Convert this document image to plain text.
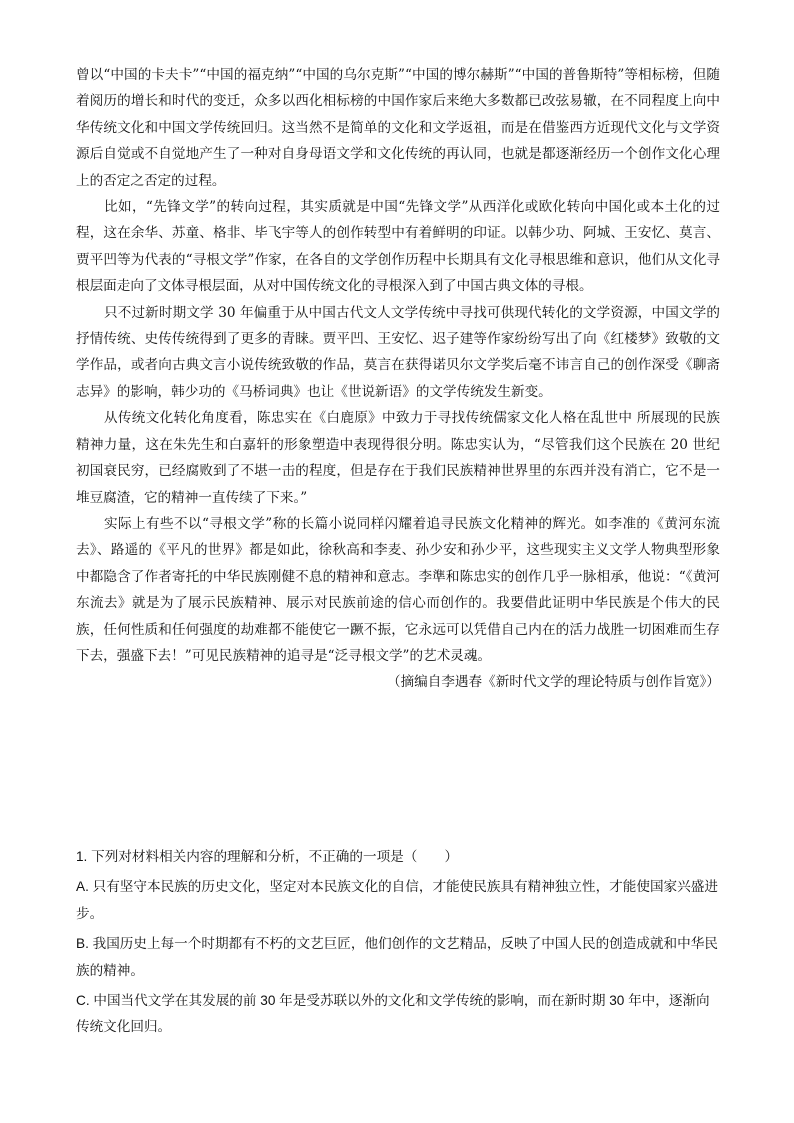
曾以“中国的卡夫卡”“中国的福克纳”“中国的乌尔克斯”“中国的博尔赫斯”“中国的普鲁斯特”等相标榜，但随着阅历的增长和时代的变迁，众多以西化相标榜的中国作家后来绝大多数都已改弦易辙，在不同程度上向中华传统文化和中国文学传统回归。这当然不是简单的文化和文学返祖，而是在借鉴西方近现代文化与文学资源后自觉或不自觉地产生了一种对自身母语文学和文化传统的再认同，也就是都逐渐经历一个创作文化心理上的否定之否定的过程。

比如，“先锋文学”的转向过程，其实质就是中国“先锋文学”从西洋化或欧化转向中国化或本土化的过程，这在余华、苏童、格非、毕飞宇等人的创作转型中有着鲜明的印证。以韩少功、阿城、王安忆、莫言、贾平凹等为代表的“寻根文学”作家，在各自的文学创作历程中长期具有文化寻根思维和意识，他们从文化寻根层面走向了文体寻根层面，从对中国传统文化的寻根深入到了中国古典文体的寻根。

只不过新时期文学 30 年偏重于从中国古代文人文学传统中寻找可供现代转化的文学资源，中国文学的抒情传统、史传传统得到了更多的青睐。贾平凹、王安忆、迟子建等作家纷纷写出了向《红楼梦》致敬的文学作品，或者向古典文言小说传统致敬的作品，莫言在获得诺贝尔文学奖后毫不讳言自己的创作深受《聊斋志异》的影响，韩少功的《马桥词典》也让《世说新语》的文学传统发生新变。

从传统文化转化角度看，陈忠实在《白鹿原》中致力于寻找传统儒家文化人格在乱世中 所展现的民族精神力量，这在朱先生和白嘉轩的形象塑造中表现得很分明。陈忠实认为，“尽管我们这个民族在 20 世纪初国衰民穷，已经腐败到了不堪一击的程度，但是存在于我们民族精神世界里的东西并没有消亡，它不是一堆豆腐渣，它的精神一直传续了下来。”

实际上有些不以“寻根文学”称的长篇小说同样闪耀着追寻民族文化精神的辉光。如李准的《黄河东流去》、路遥的《平凡的世界》都是如此，徐秋高和李麦、孙少安和孙少平，这些现实主义文学人物典型形象中都隐含了作者寄托的中华民族刚健不息的精神和意志。李準和陈忠实的创作几乎一脉相承，他说：“《黄河东流去》就是为了展示民族精神、展示对民族前途的信心而创作的。我要借此证明中华民族是个伟大的民族，任何性质和任何强度的劫难都不能使它一蹶不振，它永远可以凭借自己内在的活力战胜一切困难而生存下去，强盛下去！”可见民族精神的追寻是“泛寻根文学”的艺术灵魂。

（摘编自李遇春《新时代文学的理论特质与创作旨宽》）

1. 下列对材料相关内容的理解和分析，不正确的一项是（　　）

A. 只有坚守本民族的历史文化，坚定对本民族文化的自信，才能使民族具有精神独立性，才能使国家兴盛进步。

B. 我国历史上每一个时期都有不朽的文艺巨匠，他们创作的文艺精品，反映了中国人民的创造成就和中华民族的精神。

C. 中国当代文学在其发展的前 30 年是受苏联以外的文化和文学传统的影响，而在新时期 30 年中，逐渐向传统文化回归。
